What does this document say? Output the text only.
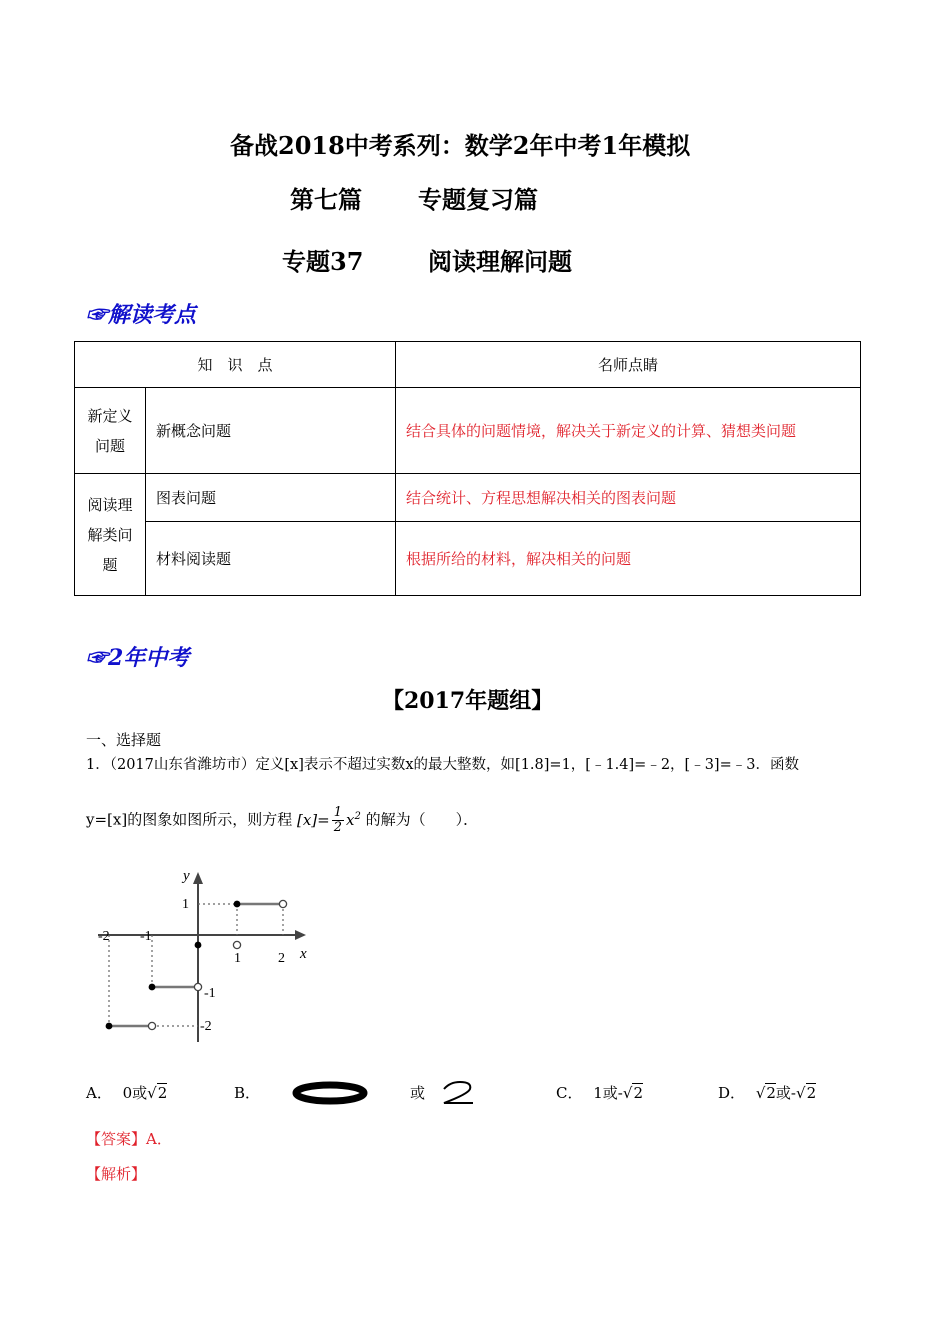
备战2018中考系列：数学2年中考1年模拟
第七篇 专题复习篇
专题37	阅读理解问题
☞解读考点
知　识　点		名师点睛
新定义问题	新概念问题	结合具体的问题情境，解决关于新定义的计算、猜想类问题
阅读理解类问题	图表问题	结合统计、方程思想解决相关的图表问题
	材料阅读题	根据所给的材料，解决相关的问题
☞2年中考
【2017年题组】
一、选择题
1．（2017山东省潍坊市）定义[x]表示不超过实数x的最大整数，如[1.8]=1，[﹣1.4]=﹣2，[﹣3]=﹣3．函数
y=[x]的图象如图所示，则方程 $[x]= \frac{1}{2} x^2$ 的解为（　　）．
y
x
-2 -1
1	2
1
-1
-2
A． 0或√2	B．	或	C． 1或-√2	D． √2或-√2
【答案】A．
【解析】
